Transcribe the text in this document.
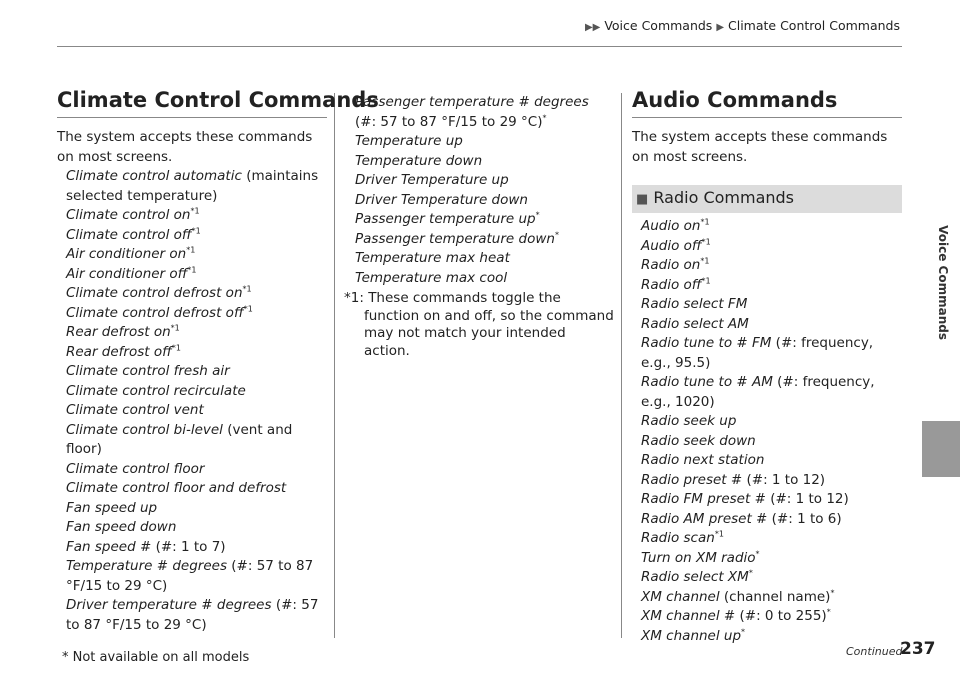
▶▶ Voice Commands ▶ Climate Control Commands
Voice Commands
Climate Control Commands

The system accepts these commands on most screens.

Climate control automatic (maintains selected temperature)
Climate control $on^{*1}$
Climate control off$^{*1}$
Air conditioner $on^{*1}$
Air conditioner off$^{*1}$
Climate control defrost $on^{*1}$
Climate control defrost off$^{*1}$
Rear defrost $on^{*1}$
Rear defrost off$^{*1}$
Climate control fresh air
Climate control recirculate
Climate control vent
Climate control bi-level (vent and floor)
Climate control floor
Climate control floor and defrost
Fan speed up
Fan speed down
Fan speed # (#: 1 to 7)
Temperature # degrees (#: 57 to 87 °F/15 to 29 °C)
Driver temperature # degrees (#: 57 to 87 °F/15 to 29 °C)
Passenger temperature # degrees (#: 57 to 87 °F/15 to 29 °C)*
Temperature up
Temperature down
Driver Temperature up
Driver Temperature down
Passenger temperature up*
Passenger temperature down*
Temperature max heat
Temperature max cool
*1: These commands toggle the function on and off, so the command may not match your intended action.
Audio Commands

The system accepts these commands on most screens.

■ Radio Commands
Audio $on^{*1}$
Audio off$^{*1}$
Radio $on^{*1}$
Radio off$^{*1}$
Radio select FM
Radio select AM
Radio tune to # FM (#: frequency, e.g., 95.5)
Radio tune to # AM (#: frequency, e.g., 1020)
Radio seek up
Radio seek down
Radio next station
Radio preset # (#: 1 to 12)
Radio FM preset # (#: 1 to 12)
Radio AM preset # (#: 1 to 6)
Radio scan$^{*1}$
Turn on XM radio*
Radio select XM*
XM channel (channel name)*
XM channel # (#: 0 to 255)*
XM channel up*
Continued
237
* Not available on all models
